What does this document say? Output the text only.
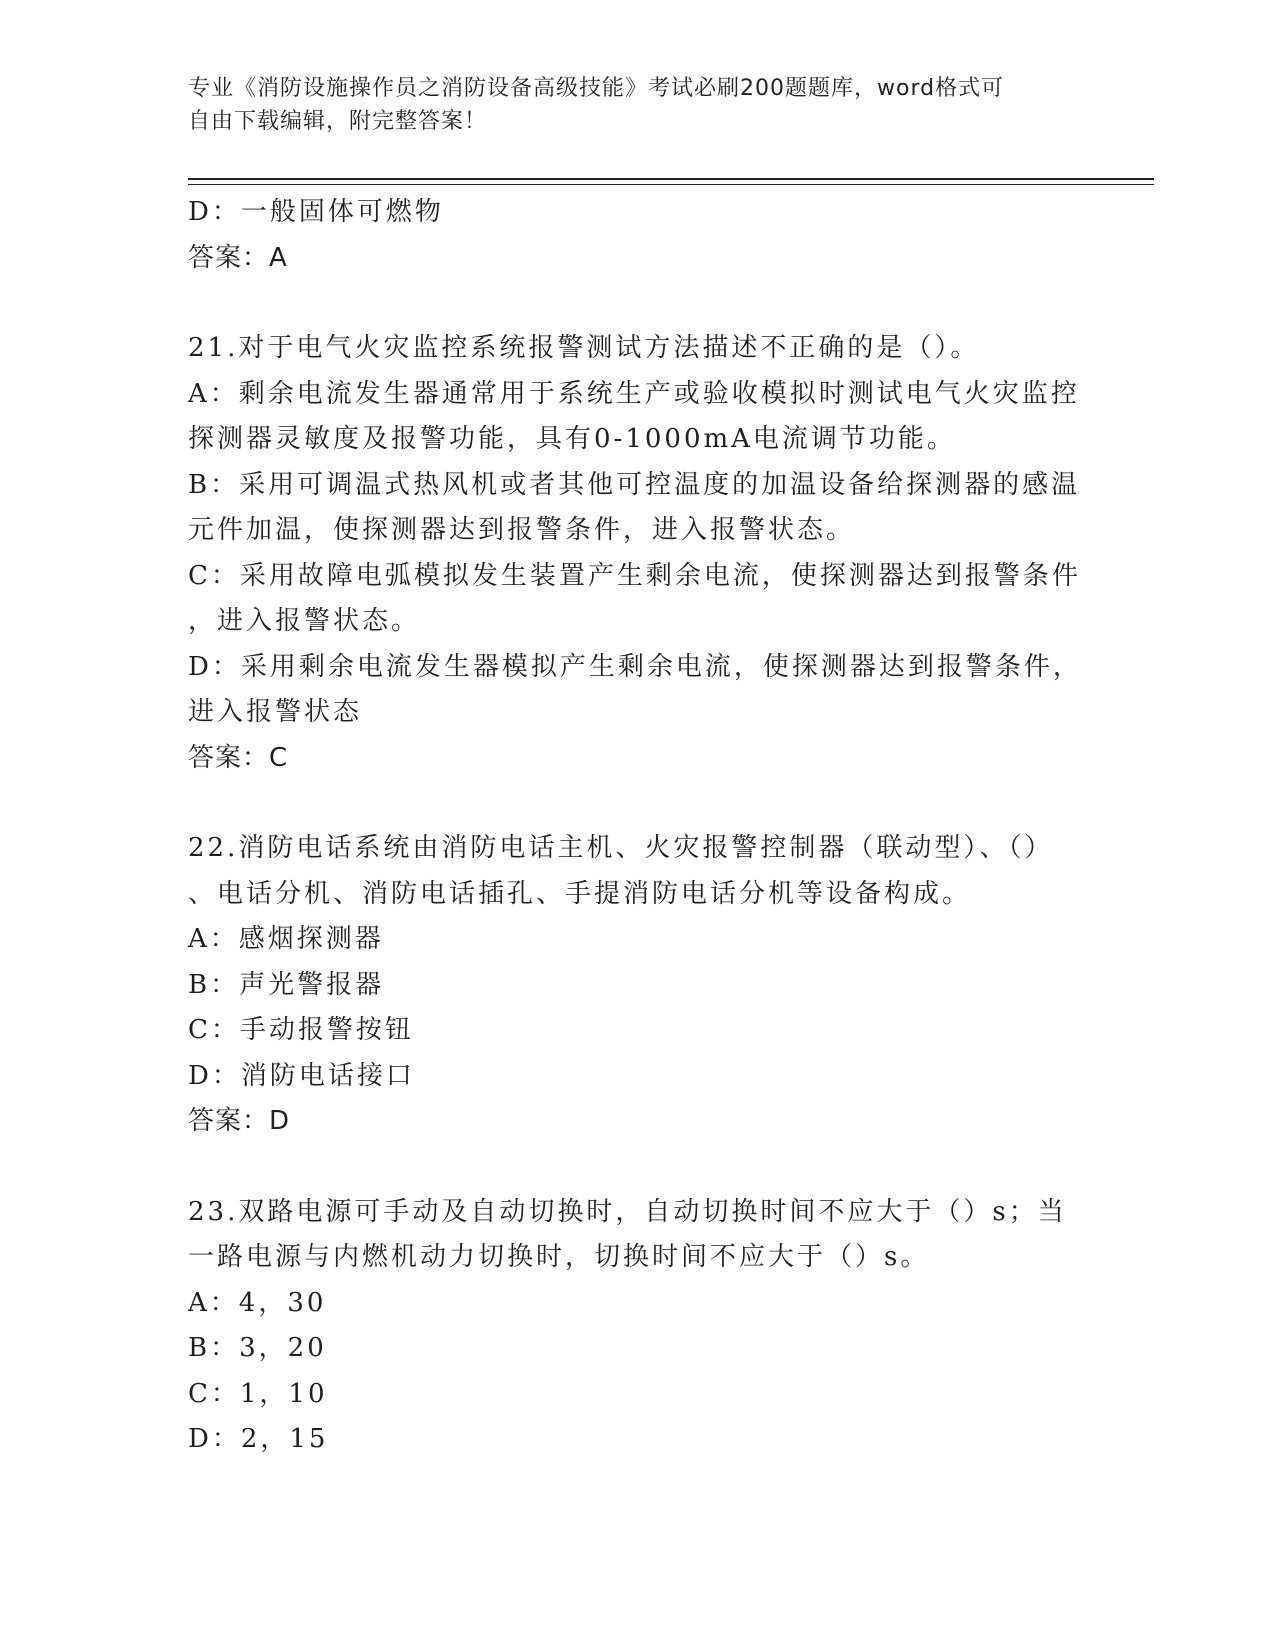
专业《消防设施操作员之消防设备高级技能》考试必刷200题题库，word格式可
自由下载编辑，附完整答案！
D：一般固体可燃物
答案：A
21.对于电气火灾监控系统报警测试方法描述不正确的是（）。
A：剩余电流发生器通常用于系统生产或验收模拟时测试电气火灾监控
探测器灵敏度及报警功能，具有0-1000mA电流调节功能。
B：采用可调温式热风机或者其他可控温度的加温设备给探测器的感温
元件加温，使探测器达到报警条件，进入报警状态。
C：采用故障电弧模拟发生装置产生剩余电流，使探测器达到报警条件
，进入报警状态。
D：采用剩余电流发生器模拟产生剩余电流，使探测器达到报警条件，
进入报警状态
答案：C
22.消防电话系统由消防电话主机、火灾报警控制器（联动型）、（）
、电话分机、消防电话插孔、手提消防电话分机等设备构成。
A：感烟探测器
B：声光警报器
C：手动报警按钮
D：消防电话接口
答案：D
23.双路电源可手动及自动切换时，自动切换时间不应大于（）s；当
一路电源与内燃机动力切换时，切换时间不应大于（）s。
A：4，30
B：3，20
C：1，10
D：2，15
